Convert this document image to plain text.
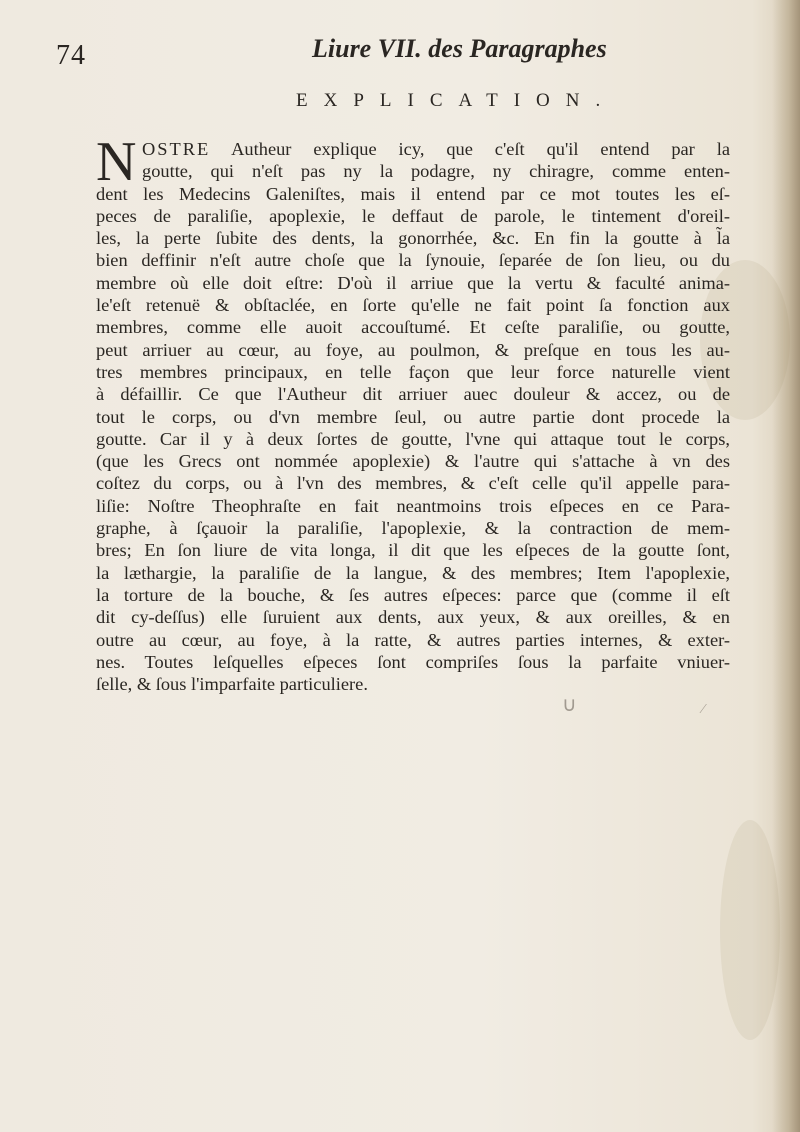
74	Liure VII. des Paragraphes
EXPLICATION.
N OSTRE Autheur explique icy, que c'eſt qu'il entend par la
goutte, qui n'eſt pas ny la podagre, ny chiragre, comme enten-
dent les Medecins Galeniſtes, mais il entend par ce mot toutes les eſ-
peces de paraliſie, apoplexie, le deffaut de parole, le tintement d'oreil-
les, la perte ſubite des dents, la gonorrhée, &c. En fin la goutte à l̃a
bien deffinir n'eſt autre choſe que la ſynouie, ſeparée de ſon lieu, ou du
membre où elle doit eſtre: D'où il arriue que la vertu & faculté anima-
le'eſt retenuë & obſtaclée, en ſorte qu'elle ne fait point ſa fonction aux
membres, comme elle auoit accouſtumé. Et ceſte paraliſie, ou goutte,
peut arriuer au cœur, au foye, au poulmon, & preſque en tous les au-
tres membres principaux, en telle façon que leur force naturelle vient
à défaillir. Ce que l'Autheur dit arriuer auec douleur & accez, ou de
tout le corps, ou d'vn membre ſeul, ou autre partie dont procede la
goutte. Car il y à deux ſortes de goutte, l'vne qui attaque tout le corps,
(que les Grecs ont nommée apoplexie) & l'autre qui s'attache à vn des
coſtez du corps, ou à l'vn des membres, & c'eſt celle qu'il appelle para-
liſie: Noſtre Theophraſte en fait neantmoins trois eſpeces en ce Para-
graphe, à ſçauoir la paraliſie, l'apoplexie, & la contraction de mem-
bres; En ſon liure de vita longa, il dit que les eſpeces de la goutte ſont,
la læthargie, la paraliſie de la langue, & des membres; Item l'apoplexie,
la torture de la bouche, & ſes autres eſpeces: parce que (comme il eſt
dit cy-deſſus) elle ſuruient aux dents, aux yeux, & aux oreilles, & en
outre au cœur, au foye, à la ratte, & autres parties internes, & exter-
nes. Toutes leſquelles eſpeces ſont compriſes ſous la parfaite vniuer-
ſelle, & ſous l'imparfaite particuliere.
∪	⁄
